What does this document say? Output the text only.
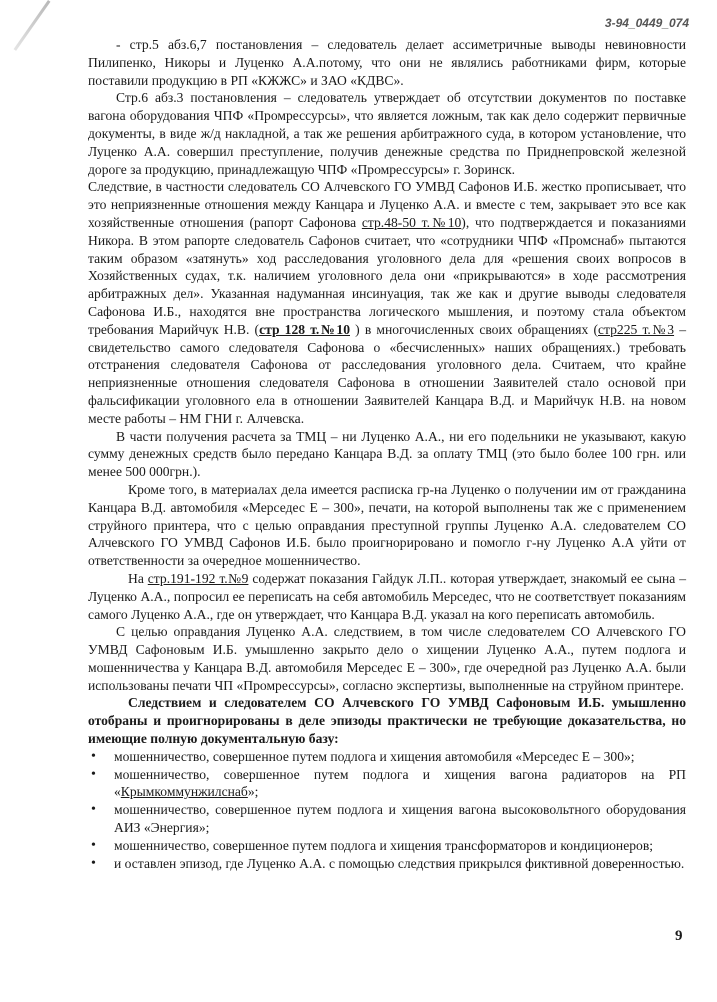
3-94_0449_074

- стр.5 абз.6,7 постановления – следователь делает ассиметричные выводы невиновности Пилипенко, Никоры и Луценко А.А.потому, что они не являлись работниками фирм, которые поставили продукцию в РП «КЖЖС» и ЗАО «КДВС».

Стр.6 абз.3 постановления – следователь утверждает об отсутствии документов по поставке вагона оборудования ЧПФ «Промрессурсы», что является ложным, так как дело содержит первичные документы, в виде ж/д накладной, а так же решения арбитражного суда, в котором установление, что Луценко А.А. совершил преступление, получив денежные средства по Приднепровской железной дороге за продукцию, принадлежащую ЧПФ «Промрессурсы» г. Зоринск.

Следствие, в частности следователь СО Алчевского ГО УМВД Сафонов И.Б. жестко прописывает, что это неприязненные отношения между Канцара и Луценко А.А. и вместе с тем, закрывает это все как хозяйственные отношения (рапорт Сафонова стр.48-50 т.№10), что подтверждается и показаниями Никора. В этом рапорте следователь Сафонов считает, что «сотрудники ЧПФ «Промснаб» пытаются таким образом «затянуть» ход расследования уголовного дела для «решения своих вопросов в Хозяйственных судах, т.к. наличием уголовного дела они «прикрываются» в ходе рассмотрения арбитражных дел». Указанная надуманная инсинуация, так же как и другие выводы следователя Сафонова И.Б., находятся вне пространства логического мышления, и поэтому стала объектом требования Марийчук Н.В. (стр 128 т.№10 ) в многочисленных своих обращениях (стр225 т.№3 – свидетельство самого следователя Сафонова о «бесчисленных» наших обращениях.) требовать отстранения следователя Сафонова от расследования уголовного дела. Считаем, что крайне неприязненные отношения следователя Сафонова в отношении Заявителей стало основой при фальсификации уголовного ела в отношении Заявителей Канцара В.Д. и Марийчук Н.В. на новом месте работы – НМ ГНИ г. Алчевска.

В части получения расчета за ТМЦ – ни Луценко А.А., ни его подельники не указывают, какую сумму денежных средств было передано Канцара В.Д. за оплату ТМЦ (это было более 100 грн. или менее 500 000грн.).

Кроме того, в материалах дела имеется расписка гр-на Луценко о получении им от гражданина Канцара В.Д. автомобиля «Мерседес Е – 300», печати, на которой выполнены так же с применением струйного принтера, что с целью оправдания преступной группы Луценко А.А. следователем СО Алчевского ГО УМВД Сафонов И.Б. было проигнорировано и помогло г-ну Луценко А.А уйти от ответственности за очередное мошенничество.

На стр.191-192 т.№9 содержат показания Гайдук Л.П.. которая утверждает, знакомый ее сына – Луценко А.А., попросил ее переписать на себя автомобиль Мерседес, что не соответствует показаниям самого Луценко А.А., где он утверждает, что Канцара В.Д. указал на кого переписать автомобиль.

С целью оправдания Луценко А.А. следствием, в том числе следователем СО Алчевского ГО УМВД Сафоновым И.Б. умышленно закрыто дело о хищении Луценко А.А., путем подлога и мошенничества у Канцара В.Д. автомобиля Мерседес Е – 300», где очередной раз Луценко А.А. были использованы печати ЧП «Промрессурсы», согласно экспертизы, выполненные на струйном принтере.

Следствием и следователем СО Алчевского ГО УМВД Сафоновым И.Б. умышленно отобраны и проигнорированы в деле эпизоды практически не требующие доказательства, но имеющие полную документальную базу:

• мошенничество, совершенное путем подлога и хищения автомобиля «Мерседес Е – 300»;
• мошенничество, совершенное путем подлога и хищения вагона радиаторов на РП «Крымкоммунжилснаб»;
• мошенничество, совершенное путем подлога и хищения вагона высоковольтного оборудования АИЗ «Энергия»;
• мошенничество, совершенное путем подлога и хищения трансформаторов и кондиционеров;
• и оставлен эпизод, где Луценко А.А. с помощью следствия прикрылся фиктивной доверенностью.
9
